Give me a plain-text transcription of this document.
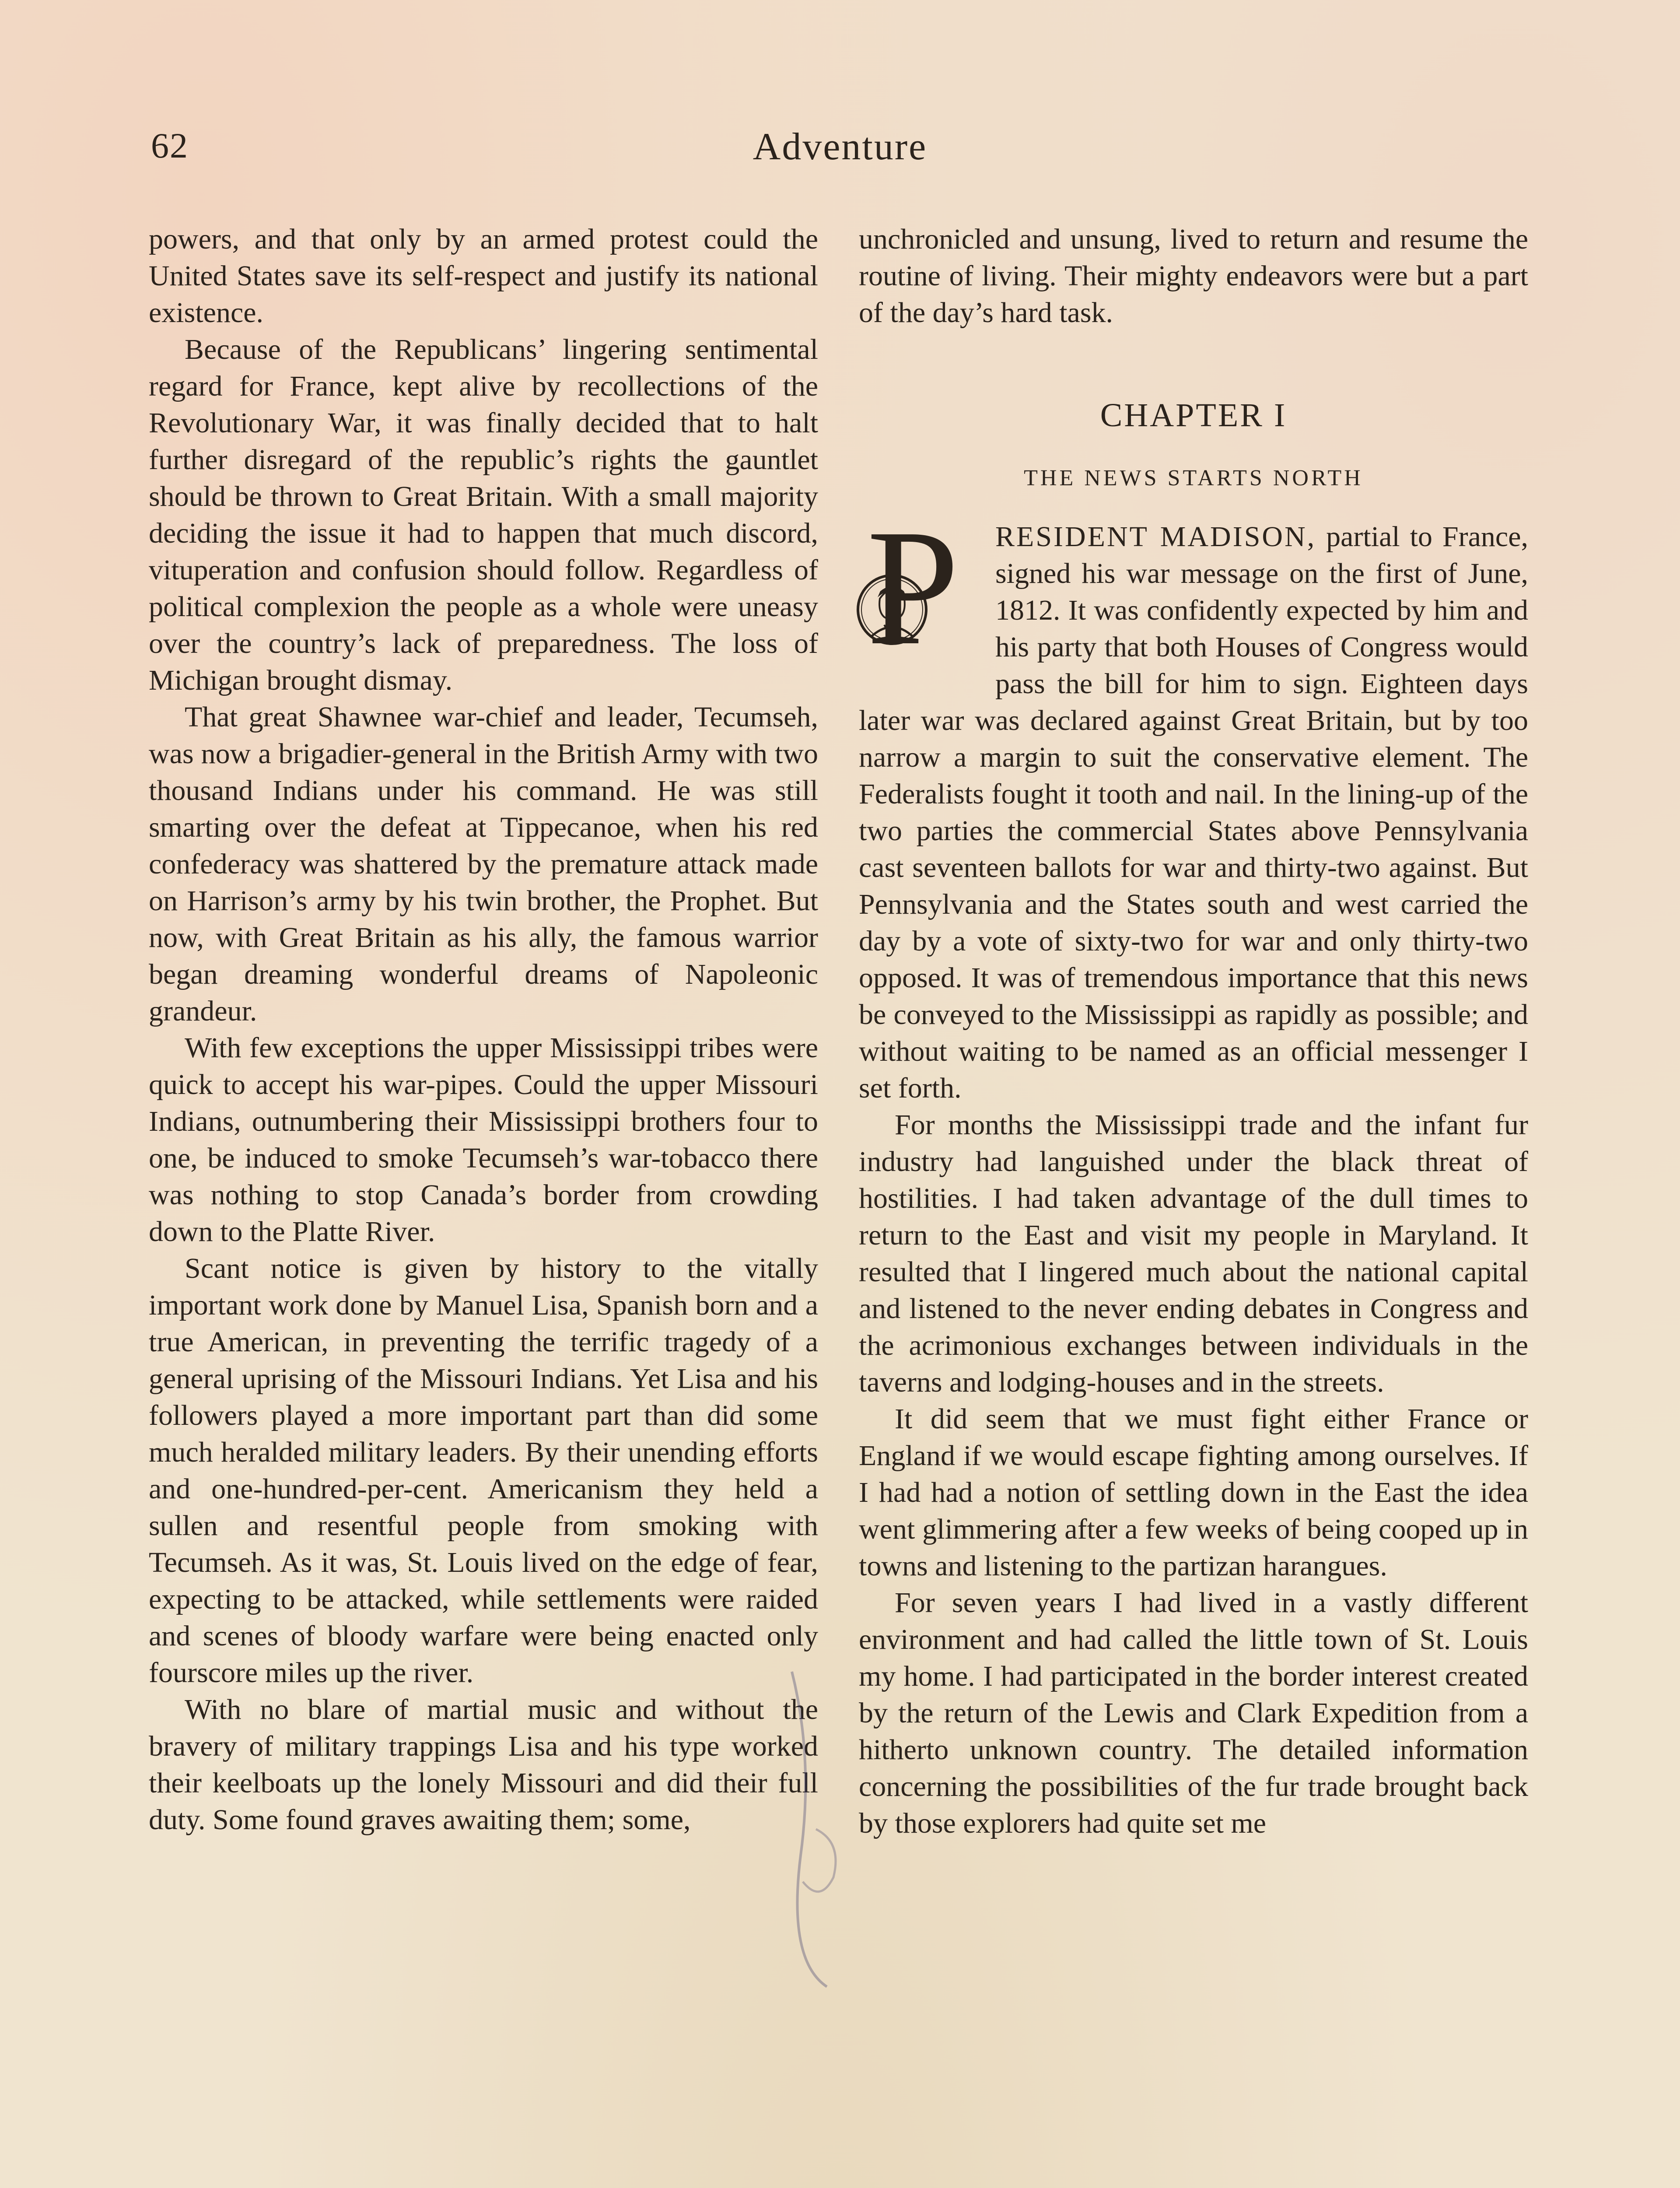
62	Adventure

powers, and that only by an armed protest could the United States save its self-respect and justify its national existence.

Because of the Republicans’ lingering sentimental regard for France, kept alive by recollections of the Revolutionary War, it was finally decided that to halt further disregard of the republic’s rights the gauntlet should be thrown to Great Britain. With a small majority deciding the issue it had to happen that much discord, vituperation and confusion should follow. Regardless of political complexion the people as a whole were uneasy over the country’s lack of preparedness. The loss of Michigan brought dismay.

That great Shawnee war-chief and leader, Tecumseh, was now a brigadier-general in the British Army with two thousand Indians under his command. He was still smarting over the defeat at Tippecanoe, when his red confederacy was shattered by the premature attack made on Harrison’s army by his twin brother, the Prophet. But now, with Great Britain as his ally, the famous warrior began dreaming wonderful dreams of Napoleonic grandeur.

With few exceptions the upper Mississippi tribes were quick to accept his war-pipes. Could the upper Missouri Indians, outnumbering their Mississippi brothers four to one, be induced to smoke Tecumseh’s war-tobacco there was nothing to stop Canada’s border from crowding down to the Platte River.

Scant notice is given by history to the vitally important work done by Manuel Lisa, Spanish born and a true American, in preventing the terrific tragedy of a general uprising of the Missouri Indians. Yet Lisa and his followers played a more important part than did some much heralded military leaders. By their unending efforts and one-hundred-per-cent. Americanism they held a sullen and resentful people from smoking with Tecumseh. As it was, St. Louis lived on the edge of fear, expecting to be attacked, while settlements were raided and scenes of bloody warfare were being enacted only fourscore miles up the river.

With no blare of martial music and without the bravery of military trappings Lisa and his type worked their keelboats up the lonely Missouri and did their full duty. Some found graves awaiting them; some,

unchronicled and unsung, lived to return and resume the routine of living. Their mighty endeavors were but a part of the day’s hard task.

CHAPTER I
THE NEWS STARTS NORTH

P RESIDENT MADISON, partial to France, signed his war message on the first of June, 1812. It was confidently expected by him and his party that both Houses of Congress would pass the bill for him to sign. Eighteen days later war was declared against Great Britain, but by too narrow a margin to suit the conservative element. The Federalists fought it tooth and nail. In the lining-up of the two parties the commercial States above Pennsylvania cast seventeen ballots for war and thirty-two against. But Pennsylvania and the States south and west carried the day by a vote of sixty-two for war and only thirty-two opposed. It was of tremendous importance that this news be conveyed to the Mississippi as rapidly as possible; and without waiting to be named as an official messenger I set forth.

For months the Mississippi trade and the infant fur industry had languished under the black threat of hostilities. I had taken advantage of the dull times to return to the East and visit my people in Maryland. It resulted that I lingered much about the national capital and listened to the never ending debates in Congress and the acrimonious exchanges between individuals in the taverns and lodging-houses and in the streets.

It did seem that we must fight either France or England if we would escape fighting among ourselves. If I had had a notion of settling down in the East the idea went glimmering after a few weeks of being cooped up in towns and listening to the partizan harangues.

For seven years I had lived in a vastly different environment and had called the little town of St. Louis my home. I had participated in the border interest created by the return of the Lewis and Clark Expedition from a hitherto unknown country. The detailed information concerning the possibilities of the fur trade brought back by those explorers had quite set me
